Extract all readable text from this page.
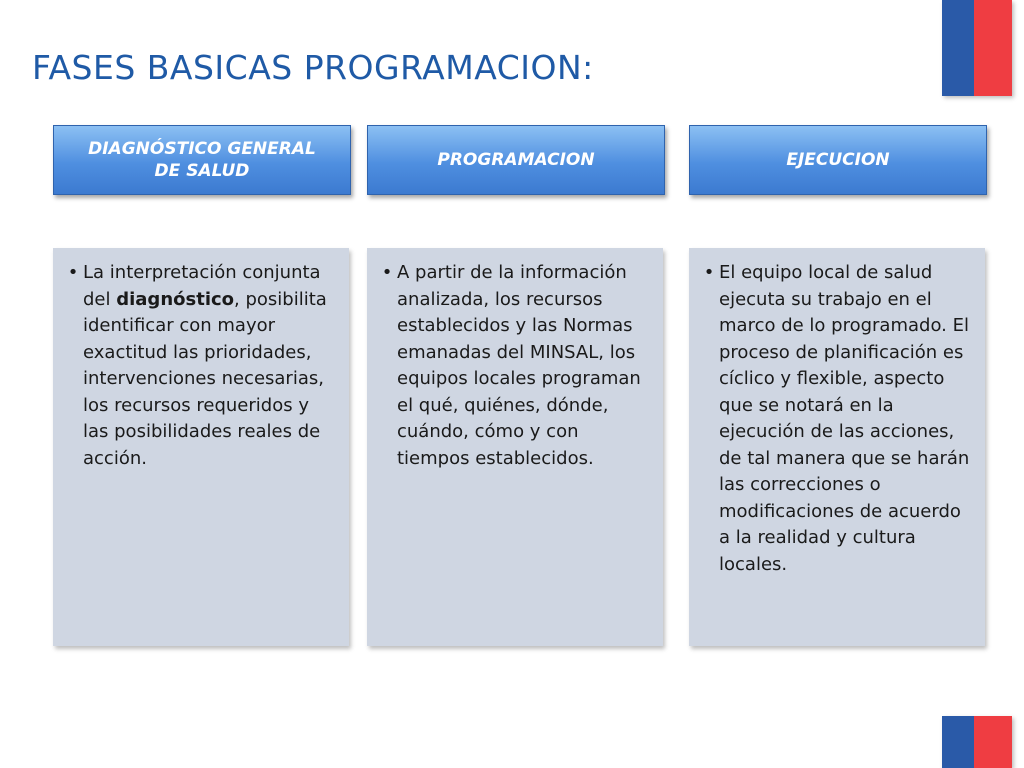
FASES BASICAS PROGRAMACION:
DIAGNÓSTICO GENERAL
DE SALUD
PROGRAMACION	EJECUCION
• La interpretación conjunta del diagnóstico, posibilita identificar con mayor exactitud las prioridades, intervenciones necesarias, los recursos requeridos y las posibilidades reales de acción.
• A partir de la información analizada, los recursos establecidos y las Normas emanadas del MINSAL, los equipos locales programan el qué, quiénes, dónde, cuándo, cómo y con tiempos establecidos.
• El equipo local de salud ejecuta su trabajo en el marco de lo programado. El proceso de planificación es cíclico y flexible, aspecto que se notará en la ejecución de las acciones, de tal manera que se harán las correcciones o modificaciones de acuerdo a la realidad y cultura locales.
